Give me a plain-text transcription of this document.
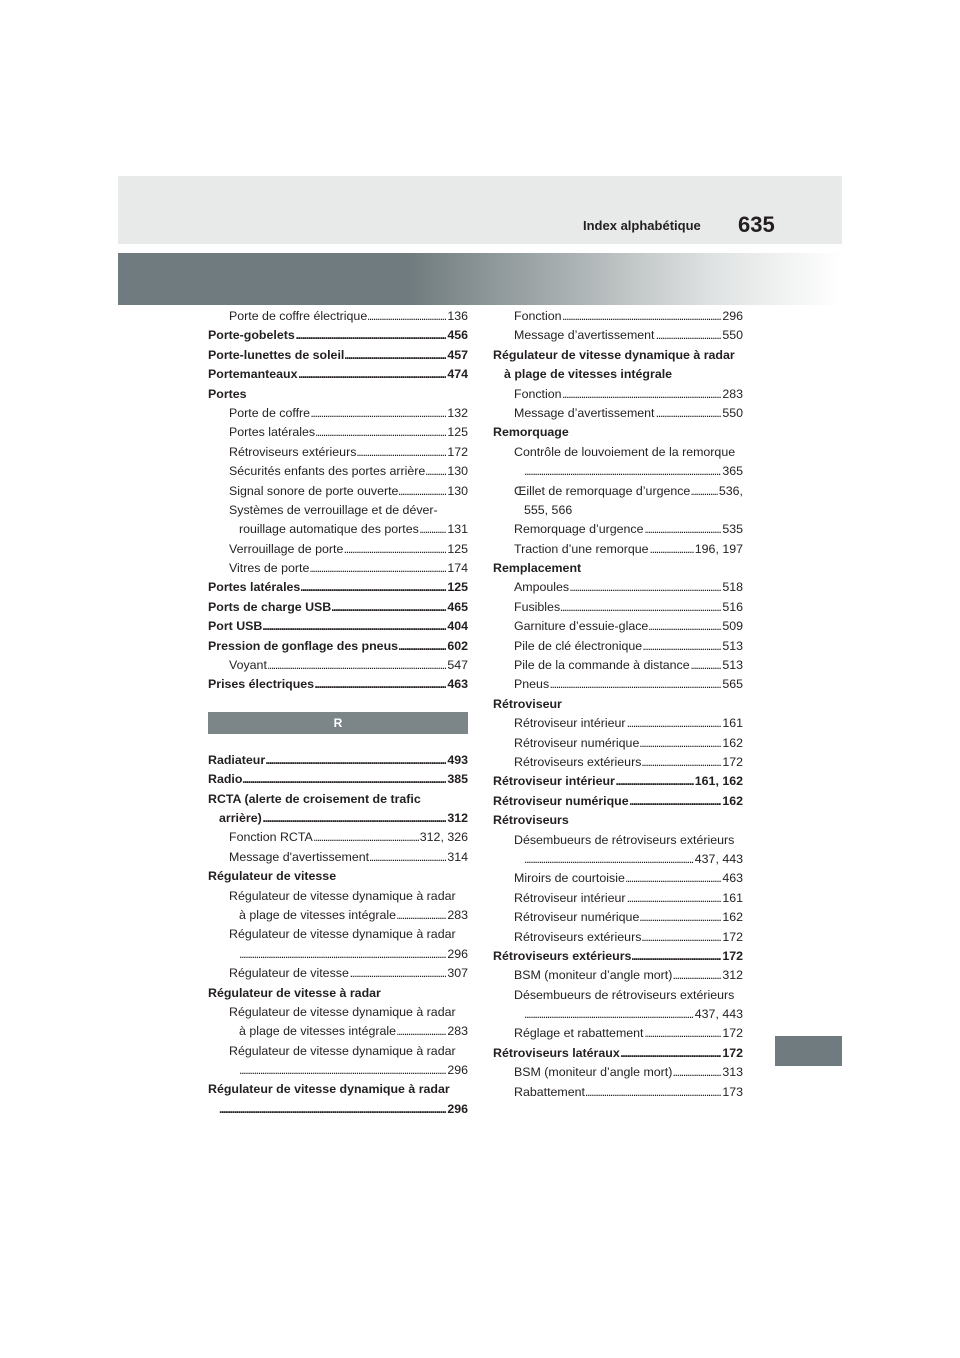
Index alphabétique 635
. . .
Porte de coffre électrique	136
. . .
Porte-gobelets	456
. . .
Porte-lunettes de soleil	457
. . .
Portemanteaux	474
Portes
. . .
Porte de coffre	132
. . .
Portes latérales	125
. . .
Rétroviseurs extérieurs	172
. . .
Sécurités enfants des portes arrière 130
. . .
Signal sonore de porte ouverte	130
Systèmes de verrouillage et de déver-
. . .
rouillage automatique des portes 131
. . .
Verrouillage de porte	125
. . .
Vitres de porte	174
. . .
Portes latérales	125
. . .
Ports de charge USB	465
. . .
Port USB	404
. . .
Pression de gonflage des pneus	602
. . .
Voyant	547
. . .
Prises électriques	463
R
. . .
Radiateur	493
. . .
Radio	385
RCTA (alerte de croisement de trafic
. . .
arrière)	312
. . .
Fonction RCTA	312, 326
. . .
Message d'avertissement	314
Régulateur de vitesse
Régulateur de vitesse dynamique à radar
. . .
à plage de vitesses intégrale	283
Régulateur de vitesse dynamique à radar
. . .
296
. . .
Régulateur de vitesse	307
Régulateur de vitesse à radar
Régulateur de vitesse dynamique à radar
. . .
à plage de vitesses intégrale	283
Régulateur de vitesse dynamique à radar
. . .
296
Régulateur de vitesse dynamique à radar
. . .
296
. . .
Fonction	296
. . .
Message d’avertissement	550
Régulateur de vitesse dynamique à radar
à plage de vitesses intégrale
. . .
Fonction	283
. . .
Message d’avertissement	550
Remorquage
Contrôle de louvoiement de la remorque
. . .
365
. . .
Œillet de remorquage d’urgence 536,
555, 566
. . .
Remorquage d’urgence	535
. . .
Traction d’une remorque	196, 197
Remplacement
. . .
Ampoules	518
. . .
Fusibles	516
. . .
Garniture d’essuie-glace	509
. . .
Pile de clé électronique	513
. . .
Pile de la commande à distance	513
. . .
Pneus	565
Rétroviseur
. . .
Rétroviseur intérieur	161
. . .
Rétroviseur numérique	162
. . .
Rétroviseurs extérieurs	172
. . .
Rétroviseur intérieur	161, 162
. . .
Rétroviseur numérique	162
Rétroviseurs
Désembueurs de rétroviseurs extérieurs
. . .
437, 443
. . .
Miroirs de courtoisie	463
. . .
Rétroviseur intérieur	161
. . .
Rétroviseur numérique	162
. . .
Rétroviseurs extérieurs	172
. . .
Rétroviseurs extérieurs	172
. . .
BSM (moniteur d’angle mort)	312
Désembueurs de rétroviseurs extérieurs
. . .
437, 443
. . .
Réglage et rabattement	172
. . .
Rétroviseurs latéraux	172
. . .
BSM (moniteur d’angle mort)	313
. . .
Rabattement	173
